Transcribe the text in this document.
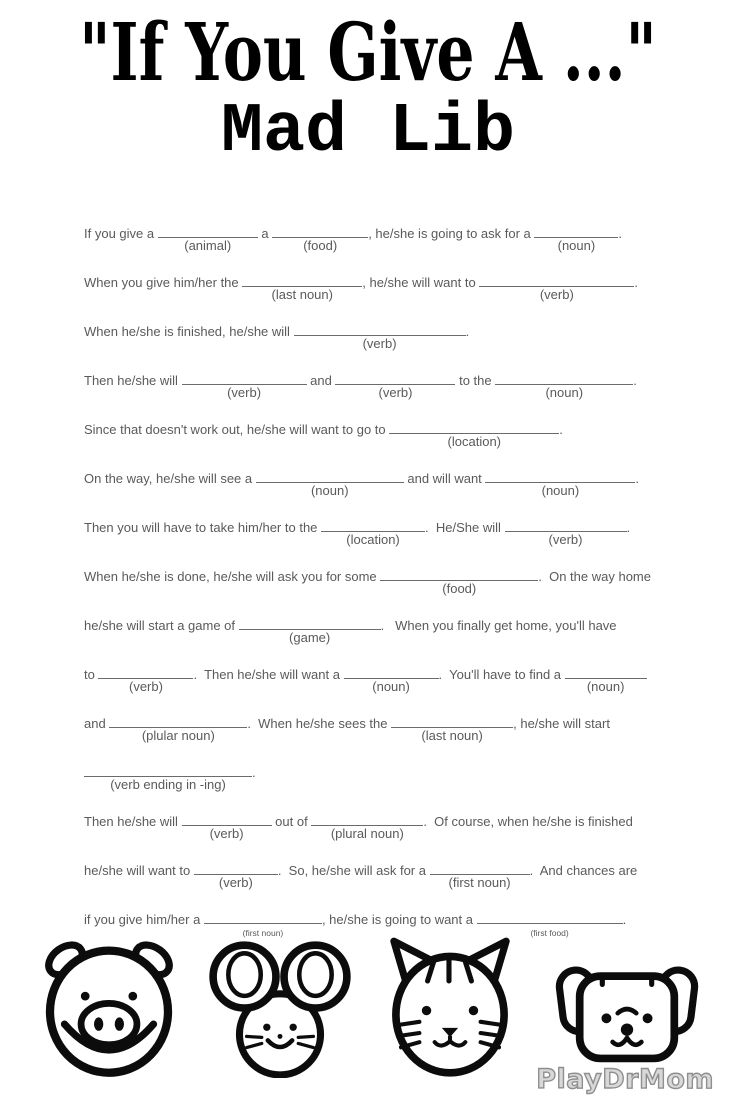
"If You Give A ..."
Mad Lib
If you give a
(animal)
a
(food)
, he/she is going to ask for a
(noun)
.
When you give him/her the
(last noun)
, he/she will want to
(verb)
.
When he/she is finished, he/she will
(verb)
.
Then he/she will
(verb)
and
(verb)
to the
(noun)
.
Since that doesn't work out, he/she will want to go to
(location)
.
On the way, he/she will see a
(noun)
and will want
(noun)
.
Then you will have to take him/her to the
(location)
.  He/She will
(verb)
.
When he/she is done, he/she will ask you for some
(food)
.  On the way home
he/she will start a game of
(game)
.   When you finally get home, you'll have
to
(verb)
.  Then he/she will want a
(noun)
.  You'll have to find a
(noun)
and
(plular noun)
.  When he/she sees the
(last noun)
, he/she will start
(verb ending in -ing)
.
Then he/she will
(verb)
out of
(plural noun)
.  Of course, when he/she is finished
he/she will want to
(verb)
.  So, he/she will ask for a
(first noun)
.  And chances are
if you give him/her a
(first noun)
, he/she is going to want a
(first food)
.
PlayDrMom
